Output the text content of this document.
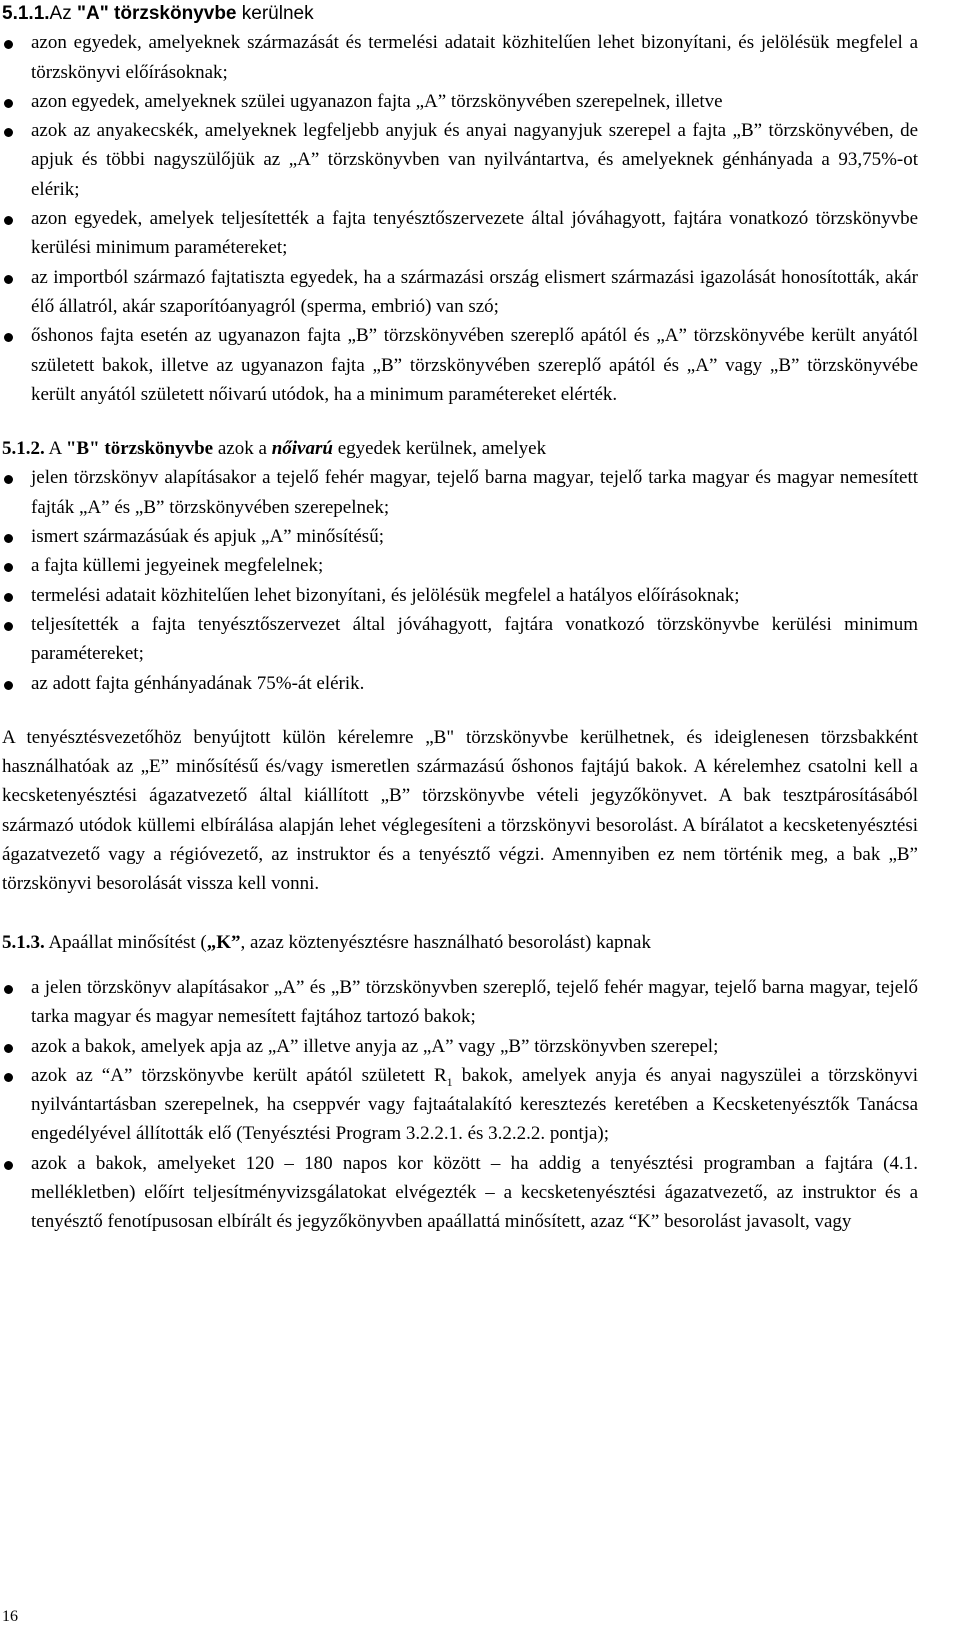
5.1.1.Az "A" törzskönyvbe kerülnek

azon egyedek, amelyeknek származását és termelési adatait közhitelűen lehet bizonyítani, és jelölésük megfelel a törzskönyvi előírásoknak;
azon egyedek, amelyeknek szülei ugyanazon fajta „A” törzskönyvében szerepelnek, illetve
azok az anyakecskék, amelyeknek legfeljebb anyjuk és anyai nagyanyjuk szerepel a fajta „B” törzskönyvében, de apjuk és többi nagyszülőjük az „A” törzskönyvben van nyilvántartva, és amelyeknek génhányada a 93,75%-ot elérik;
azon egyedek, amelyek teljesítették a fajta tenyésztőszervezete által jóváhagyott, fajtára vonatkozó törzskönyvbe kerülési minimum paramétereket;
az importból származó fajtatiszta egyedek, ha a származási ország elismert származási igazolását honosították, akár élő állatról, akár szaporítóanyagról (sperma, embrió) van szó;
őshonos fajta esetén az ugyanazon fajta „B” törzskönyvében szereplő apától és „A” törzskönyvébe került anyától született bakok, illetve az ugyanazon fajta „B” törzskönyvében szereplő apától és „A” vagy „B” törzskönyvébe került anyától született nőivarú utódok, ha a minimum paramétereket elérték.

5.1.2. A "B" törzskönyvbe azok a nőivarú egyedek kerülnek, amelyek

jelen törzskönyv alapításakor a tejelő fehér magyar, tejelő barna magyar, tejelő tarka magyar és magyar nemesített fajták „A” és „B” törzskönyvében szerepelnek;
ismert származásúak és apjuk „A” minősítésű;
a fajta küllemi jegyeinek megfelelnek;
termelési adatait közhitelűen lehet bizonyítani, és jelölésük megfelel a hatályos előírásoknak;
teljesítették a fajta tenyésztőszervezet által jóváhagyott, fajtára vonatkozó törzskönyvbe kerülési minimum paramétereket;
az adott fajta génhányadának 75%-át elérik.

A tenyésztésvezetőhöz benyújtott külön kérelemre „B" törzskönyvbe kerülhetnek, és ideiglenesen törzsbakként használhatóak az „E” minősítésű és/vagy ismeretlen származású őshonos fajtájú bakok. A kérelemhez csatolni kell a kecsketenyésztési ágazatvezető által kiállított „B” törzskönyvbe vételi jegyzőkönyvet. A bak tesztpárosításából származó utódok küllemi elbírálása alapján lehet véglegesíteni a törzskönyvi besorolást. A bírálatot a kecsketenyésztési ágazatvezető vagy a régióvezető, az instruktor és a tenyésztő végzi. Amennyiben ez nem történik meg, a bak „B” törzskönyvi besorolását vissza kell vonni.

5.1.3. Apaállat minősítést („K”, azaz köztenyésztésre használható besorolást) kapnak

a jelen törzskönyv alapításakor „A” és „B” törzskönyvben szereplő, tejelő fehér magyar, tejelő barna magyar, tejelő tarka magyar és magyar nemesített fajtához tartozó bakok;
azok a bakok, amelyek apja az „A” illetve anyja az „A” vagy „B” törzskönyvben szerepel;
azok az “A” törzskönyvbe került apától született $R_1$ bakok, amelyek anyja és anyai nagyszülei a törzskönyvi nyilvántartásban szerepelnek, ha cseppvér vagy fajtaátalakító keresztezés keretében a Kecsketenyésztők Tanácsa engedélyével állították elő (Tenyésztési Program 3.2.2.1. és 3.2.2.2. pontja);
azok a bakok, amelyeket 120 – 180 napos kor között – ha addig a tenyésztési programban a fajtára (4.1. mellékletben) előírt teljesítményvizsgálatokat elvégezték – a kecsketenyésztési ágazatvezető, az instruktor és a tenyésztő fenotípusosan elbírált és jegyzőkönyvben apaállattá minősített, azaz “K” besorolást javasolt, vagy
16
